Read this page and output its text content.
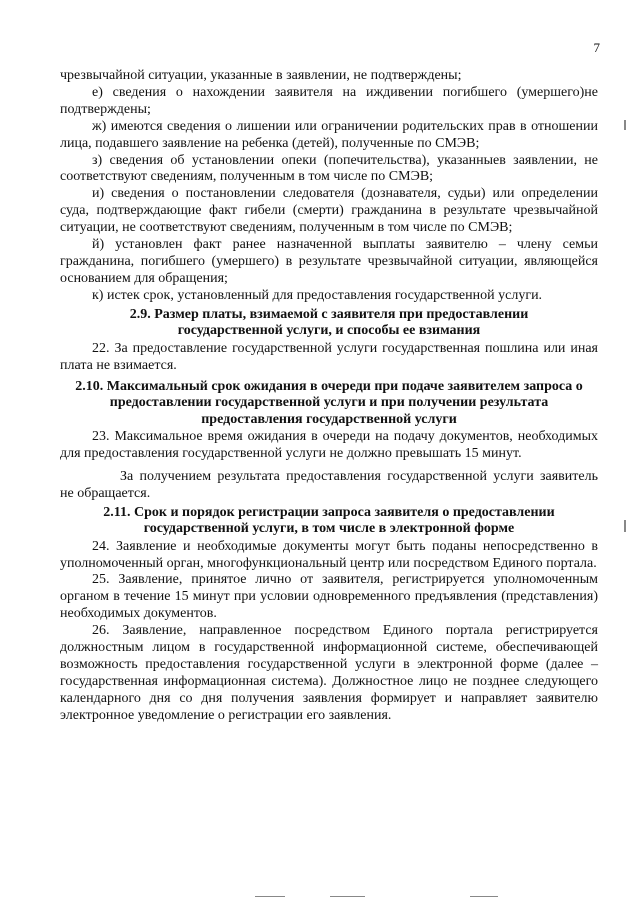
7

чрезвычайной ситуации, указанные в заявлении, не подтверждены;

е) сведения о нахождении заявителя на иждивении погибшего (умершего)не подтверждены;

ж) имеются сведения о лишении или ограничении родительских прав в отношении лица, подавшего заявление на ребенка (детей), полученные по СМЭВ;

з) сведения об установлении опеки (попечительства), указанныев заявлении, не соответствуют сведениям, полученным в том числе по СМЭВ;

и) сведения о постановлении следователя (дознавателя, судьи) или определении суда, подтверждающие факт гибели (смерти) гражданина в результате чрезвычайной ситуации, не соответствуют сведениям, полученным в том числе по СМЭВ;

й) установлен факт ранее назначенной выплаты заявителю – члену семьи гражданина, погибшего (умершего) в результате чрезвычайной ситуации, являющейся основанием для обращения;

к) истек срок, установленный для предоставления государственной услуги.

2.9. Размер платы, взимаемой с заявителя при предоставлении государственной услуги, и способы ее взимания

22. За предоставление государственной услуги государственная пошлина или иная плата не взимается.

2.10. Максимальный срок ожидания в очереди при подаче заявителем запроса о предоставлении государственной услуги и при получении результата предоставления государственной услуги

23. Максимальное время ожидания в очереди на подачу документов, необходимых для предоставления государственной услуги не должно превышать 15 минут.

За получением результата предоставления государственной услуги заявитель не обращается.

2.11. Срок и порядок регистрации запроса заявителя о предоставлении государственной услуги, в том числе в электронной форме

24. Заявление и необходимые документы могут быть поданы непосредственно в уполномоченный орган, многофункциональный центр или посредством Единого портала.

25. Заявление, принятое лично от заявителя, регистрируется уполномоченным органом в течение 15 минут при условии одновременного предъявления (представления) необходимых документов.

26. Заявление, направленное посредством Единого портала регистрируется должностным лицом в государственной информационной системе, обеспечивающей возможность предоставления государственной услуги в электронной форме (далее – государственная информационная система). Должностное лицо не позднее следующего календарного дня со дня получения заявления формирует и направляет заявителю электронное уведомление о регистрации его заявления.
